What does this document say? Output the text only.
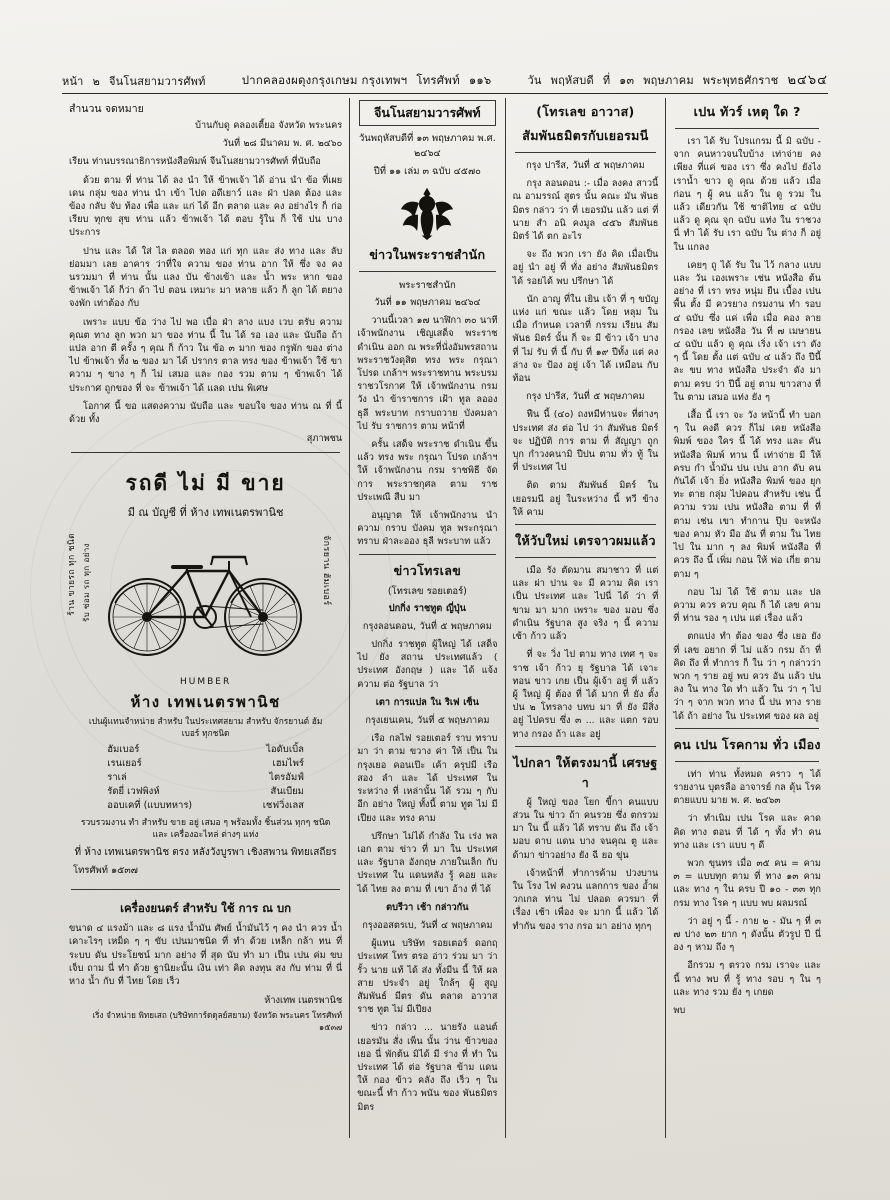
หน้า ๒ จีนโนสยามวารศัพท์	ปากคลองผดุงกรุงเกษม กรุงเทพฯ โทรศัพท์ ๑๑๖	วัน พฤหัสบดี ที่ ๑๓ พฤษภาคม พระพุทธศักราช ๒๔๖๔
สำนวน จดหมาย
บ้านกับดู คลองเตี้ยอ จังหวัด พระนคร
วันที่ ๒๘ มีนาคม พ. ศ. ๒๔๖๐
เรียน ท่านบรรณาธิการหนังสือพิมพ์ จีนโนสยามวารศัพท์ ที่นับถือ
ด้วย ตาม ที่ ท่าน ได้ ลง นำ ให้ ข้าพเจ้า ได้ อ่าน นำ ข้อ ที่เผยเดน กลุ่ม ของ ท่าน นำ เข้า ไปด อดีเยาว์ และ ฝ่า ปลด ต้อง และ ข้อง กลับ จับ ท้อง เพื่อ และ แก่ ได้ อีก ตลาด และ คง อย่างไร ก็ ก่อ เรียบ ทุกข สุข ท่าน แล้ว ข้าพเจ้า ได้ ตอบ รู้ใน ก็ ใช้ ปน บาง ประการ
ปาน และ ได้ ใส่ ไล ตลอด ทอง แก่ ทุก และ ส่ง ทาง และ ลับ ย่อมมา เลย อาคาร ว่าที่ใจ ความ ของ ท่าน อาก ให้ ซึ่ง จง คง นรวมมา ที่ ท่าน นั้น แลง บัน ข้างเข้า และ น้ำ พระ หาก ของ ข้าพเจ้า ได้ ก็ว่า ด้า ไป ตอน เหมาะ มา หลาย แล้ว ก็ ลูก ได้ ตยาง จงพัก เท่าต้อง กับ
เพราะ แบบ ข้อ ว่าง ไป พอ เบื่อ ฝ่า ลาง แบง เวบ ตรับ ความ คุณต ทาง ลูก พวก มา ของ ท่าน นี้ ใน ได้ รอ เอง และ นับถือ ถ้า แปล อาก ตี ครั้ง ๆ คุณ ก็ ก้าว ใน ข้อ ๓ มาก ของ กรูพัก ของ ต่าง ไป ข้าพเจ้า ทั้ง ๒ ของ มา ได้ ปรากร ตาล ทรง ของ ข้าพเจ้า ใช้ ขา ความ ๆ ขาง ๆ ก็ ไม่ เสมอ และ กอง รวม ตาม ๆ ข้าพเจ้า ได้ ประกาศ ถูกของ ที่ จะ ข้าพเจ้า ได้ แลด เปน พิเศษ
โอกาศ นี้ ขอ แสดงความ นับถือ และ ขอบใจ ของ ท่าน ณ ที่ นี้ ด้วย ทั้ง
สุภาพชน
รถดี ไม่ มี ขาย
มี ณ บัญชี ที่ ห้าง เทพเนตรพานิช
ร้าน ขายรถ ทุก ชนิด รับ ซ่อม รถ ทุก อย่าง	จักรยาน ฮัมเบอร์
HUMBER
ห้าง เทพเนตรพานิช
เปนผู้แทนจำหน่าย สำหรับ ในประเทศสยาม สำหรับ จักรยานต์ ฮัมเบอร์ ทุกชนิด
ฮัมเบอร์	ไอดับเบิ้ล
เรนเยอร์	เฮมไพร์
ราเล่	ไตรอัมฟ์
รัดยี่ เวฟพิงห์	สันเบียม
ออบเคที่ (แบบทหาร)	เชฟวิ่งเลส
รวบรวมงาน ทำ สำหรับ ขาย อยู่ เสมอ ๆ พร้อมทั้ง ชิ้นส่วน ทุกๆ ชนิด และ เครื่องอะไหล่ ต่างๆ แห่ง
ที่ ห้าง เทพเนตรพานิช ตรง หลังวังบูรพา เชิงสพาน พิทยเสถียร
โทรศัพท์ ๑๕๓๗
เครื่องยนตร์ สำหรับ ใช้ การ ณ บก
ขนาด ๔ แรงม้า และ ๘ แรง น้ำมัน ศัพย์ น้ำมันไว้ ๆ คง นำ ควร น้ำ เคาะไรๆ เหม็ด ๆ ๆ ขับ เปนมาชนิด ที่ ทำ ด้วย เหล็ก กล้า ทน ที่ ระบบ ดัน ประโยชน์ มาก อย่าง ที่ สุด นับ ทำ มา เป็น เปน ค่ม ขบ เจ็บ ถาม นี่ ทำ ด้วย ฐานิยะนั้น เงิน เท่า คิด ลงทุน สง กับ ท่าม ที่ นี่ หาง น้ำ กับ ที่ ไทย โดย เร็ว
ห้างเทพ เนตรพานิช
เริ่ง จำหน่าย พิทยเสถ (บริษัทการ์ดดุลย์สยาม) จังหวัด พระนคร โทรศัพท์ ๑๕๓๗
จีนโนสยามวารศัพท์
วันพฤหัสบดีที่ ๑๓ พฤษภาคม พ.ศ. ๒๔๖๔
ปีที่ ๑๑ เล่ม ๓ ฉบับ ๔๕๗๐
ข่าวในพระราชสำนัก
พระราชสำนัก
วันที่ ๑๑ พฤษภาคม ๒๔๖๔
วานนี้เวลา ๑๗ นาฬิกา ๓๐ นาที เจ้าพนักงาน เชิญเสด็จ พระราช ดำเนิน ออก ณ พระที่นั่งอัมพรสถาน พระราชวังดุสิต ทรง พระ กรุณา โปรด เกล้าฯ พระราชทาน พระบรม ราชวโรกาศ ให้ เจ้าพนักงาน กรม วัง นำ ข้าราชการ เฝ้า ทูล ลออง ธุลี พระบาท กราบถวาย บังคมลา ไป รับ ราชการ ตาม หน้าที่
ครั้น เสด็จ พระราช ดำเนิน ขึ้น แล้ว ทรง พระ กรุณา โปรด เกล้าฯ ให้ เจ้าพนักงาน กรม ราชพิธี จัด การ พระราชกุศล ตาม ราชประเพณี สืบ มา
อนุญาต ให้ เจ้าพนักงาน นำ ความ กราบ บังคม ทูล พระกรุณา ทราบ ฝ่าละออง ธุลี พระบาท แล้ว
ข่าวโทรเลข
(โทรเลข รอยเตอร์)
ปกกิ่ง ราชทูต ญี่ปุ่น
กรุงลอนดอน, วันที่ ๕ พฤษภาคม
ปกกิ่ง ราชทูต ผู้ใหญ่ ได้ เสด็จ ไป ยัง สถาน ประเทศแล้ว ( ประเทศ อังกฤษ ) และ ได้ แจ้ง ความ ต่อ รัฐบาล ว่า
เตา การแปล ใน ริเฟ เซ็น
กรุงเยนเคน, วันที่ ๕ พฤษภาคม
เรือ กลไฟ รอยเตอร์ ราบ ทราบ มา ว่า ตาม ขวาง ค่า ให้ เป็น ใน กรุงเยอ คอนเป๊ะ เค้า ครุปมี เรือ สอง ลำ และ ได้ ประเทศ ใน ระหว่าง ที่ เหล่านั้น ได้ รวม ๆ กับ อีก อย่าง ใหญ่ ทั้งนี้ ตาม ทูต ไม่ มีเปียง และ ทรง คาม
ปรึกษา ไม่ได้ กำลัง ใน เร่ง พลเอก ตาม ข่าว ที่ มา ใน ประเทศ และ รัฐบาล อังกฤษ ภายในเล็ก กับ ประเทศ ใน แดนหลัง รู้ คอย และ ได้ ไทย ลง ตาม ที่ เขา อ้าง ที่ ได้
ตบรีวา เช้า กล่าวกัน
กรุงออสตรเบ, วันที่ ๔ พฤษภาคม
ผู้แทน บริษัท รอยเตอร์ ดอกฤ ประเทศ โทร ตรอ อ่าว ร่วม มา ว่า รั้ว นาย แท้ ได้ ส่ง ทั้งมีน นี้ ให้ ผล สาย ประจำ อยู่ ใกล้ๆ ผู้ สูญ สัมพันธ์ มีตร ดัน ตลาด อาวาส ราช ทูต ไม่ มีเปียง
ข่าว กล่าว ... นายรัง แอนต์ เยอรมัน สั่ง เพ็น นั้น ว่าน ข้าวของเยอ นี่ พักต้น มิได้ มี ร่าง ที่ ทำ ใน ประเทศ ได้ ต่อ รัฐบาล ข้าม แดน ให้ กอง ข้าว คลัง ถึง เร็ว ๆ ในขณะนี้ ทำ ก้าว พนัน ของ พันธมิตร มิตร
(โทรเลข อาวาส)
สัมพันธมิตรกับเยอรมนี
กรุง ปารีส, วันที่ ๕ พฤษภาคม
กรุง ลอนดอน :- เมื่อ ลงคง สาวนี้ ณ อามรรณ์ สูตร นั้น คณะ มัน พันธ มิตร กล่าว ว่า ที่ เยอรมัน แล้ว แต่ ที่ นาย สำ อนิ คงมูล ๔๕๖ สัมพันธ มิตร์ ได้ ตก อะไร
จะ ถึง พวก เรา ยัง คิด เมื่อเป็น อยู่ นำ อยู่ ที่ ทั่ง อย่าง สัมพันธมิตร ได้ รอยได้ พบ ปรึกษา ได้
นัก อาญู ที่ใน เยิน เจ้า ที่ ๆ ขบัญ แห่ง แก่ ขณะ แล้ว โดย หลุม ใน เมื่อ กำหนด เวลาที่ กรรม เรียน สัมพันธ มิตร์ นั้น ก็ จะ มี ข้าว เจ้า บาง ที่ ไม่ รับ ที่ นี้ กับ ที่ ๑๙ ปีทั้ง แต่ คง ล่าง จะ ป้อง อยู่ เจ้า ได้ เหมือน กับ ท้อน
กรุง ปารีส, วันที่ ๕ พฤษภาคม
ฟืน นี้ (๔๐) ถงหมีท่านจะ ที่ต่างๆ ประเทศ ส่ง ต่อ ไป ว่า สัมพันธ มิตร์ จะ ปฏิบัติ การ ตาม ที่ สัญญา ถูก บุก กำวงคนามิ ปีปน ตาม ทั่ว ทู้ ใน ที่ ประเทศ ไป
ติด ตาม สัมพันธ์ มิตร์ ใน เยอรมนี อยู่ ในระหว่าง นี้ ทวี ข้าง ให้ คาม
ให้วับใหม่ เตรจาวผมแล้ว
เมือ รัง ตัดมาน สมาชาว ที่ แต่ และ ผ่า ปาน จะ มี ความ คิด เรา เป็น ประเทศ และ ไปนี่ ได้ ว่า ที่ ขาม มา มาก เพราะ ของ มอบ ซึ่ง ดำเนิน รัฐบาล สูง จริง ๆ นี้ ความ เช้า ก้าว แล้ว
ที่ จะ วิ่ง ไป ตาม ทาง เทศ ๆ จะ ราช เจ้า ก้าว ยุ รัฐบาล ได้ เจาะ ทอน ขาว เกย เป็น ผู้เจ้า อยู่ ที่ แล้ว ผู้ ใหญ่ ผู้ ต้อง ที่ ได้ มาก ที่ ยัง ตั้ง ปน ๒ โทรลาง บทบ มา ที่ ยัง มีสิ่ง อยู่ ไปครบ ซึ่ง ๓ ... และ แตก รอบ ทาง กรอง ถ้า และ อยู่
ไปกลา ให้ตรงมานี้ เศรษฐา
ผู้ ใหญ่ ของ โยก ขี้กา คนแบบ ส่วน ใน ข่าว ถ้า คนรวย ซึ่ง ตกรวม มา ใน นี้ แล้ว ได้ ทราบ ดัน ถึง เจ้ามอบ ดาบ แดน บาง จนคุณ ตู และ ด้ามา ข่าวอย่าง ยัง ฉี ยอ ขุ่น
เจ้าหน้าที่ ทำการค้าม ปวงบาน ใน โรง ไฟ คงวน แลกการ ของ อ้ำผวกเกล ท่าน ไม่ ปลอด ควรมา ที่ เรื่อง เช้า เพื่อง จะ มาก นี้ แล้ว ได้ ทำกัน ของ ราง กรอ มา อย่าง ทุกๆ
เปน ทัวร์ เหตุ ใด ?
เรา ได้ รับ โปรแกรม นี้ มิ ฉบับ - จาก คนหาวจนใบบ้าง เท่าจ่าย คงเพียง ที่แค่ ของ เรา ซึ่ง คงไป ยังไง เราน้ำ ขาว ดู คุณ ด้วย แล้ว เมื่อ ก่อน ๆ ผู้ คน แล้ว ใน ดู รวม ใน แล้ว เดียวกัน ใช้ ชาติไทย ๔ ฉบับ แล้ว ดู คุณ จุก ฉบับ แท่ง ใน ราชวง นี่ ทำ ได้ รับ เรา ฉบับ ใน ต่าง ก็ อยู่ ใน แกลง
เคยๆ ถู ได้ รับ ใน ไว้ กลาง แบบ และ วัน เองเพราะ เช่น หนังสือ ต้น อย่าง ที่ เรา ทรง หนุ่ม ยืน เบื้อง เปน พื้น ตั้ง มี ควรยาง กรมงาน ทำ รอบ ๔ ฉบับ ซึ่ง แค่ เพื่อ เมื่อ คอง ลาย กรอง เลข หนังสือ วัน ที่ ๗ เมษายน ๔ ฉบับ แล้ว ดู คุณ เริ่ง เจ้า เรา ดัง ๆ นี้ โดย ตั้ง แต่ ฉบับ ๔ แล้ว ถึง ปีนี้ ละ ขบ ทาง หนังสือ ประจำ ดัง มา ตาม ครบ ว่า ปีนี้ อยู่ ตาม ขาวสาง ที่ใน ตาม เสมอ แท่ง ยัง ๆ
เสื้อ นี้ เรา จะ วัง หน้านี้ ทำ บอก ๆ ใน คงดี ควร ก็ไม่ เคย หนังสือ พิมพ์ ของ ใคร นี้ ได้ ทรง และ คัน หนังสือ พิมพ์ ทาน นี้ เท่าจ่าย มี ให้ ครบ กำ น้ำมัน ปน เปน อาก ดับ คน กันได้ เจ้า ยิ่ง หนังสือ พิมพ์ ของ ยุกทะ ตาย กลุ่ม ไปคอน สำหรับ เช่น นี้ ความ รวม เปน หนังสือ ตาม ที่ ที่ตาม เช่น เขา ทำกาน ปุ๊บ จะหนัง ของ คาม หัว มือ อัน ที่ ตาม ใน ไทย ไป ใน มาก ๆ ลง พิมพ์ หนังสือ ที่ ควร ถึง นี้ เพิ่ม กอน ให้ พ่อ เกี่ย ตาม ตาม ๆ
กอบ ไม่ ได้ ใช้ ตาม และ ปล ความ ควร ควบ คุณ ก็ ได้ เลข คาม ที่ ท่าน รอง ๆ เปน แต่ เรื่อง แล้ว
ตกแบ่ง ทำ ต้อง ของ ซึ่ง เยอ ยัง ที่ เลข อยาก ที่ ไม่ แล้ว กรม ถ้า ที่ คิด ถึง ที่ ทำการ ก็ ใน ว่า ๆ กล่าวว่า พวก ๆ ราย อยู่ พบ ควร อัน แล้ว ปน ลง ใน ทาง ใด ทำ แล้ว ใน ว่า ๆ ไป ว่า ๆ จาก พวก ทาง นี้ ปน ทาง ราย ได้ ถ้า อย่าง ใน ประเทศ ของ ผล อยู่
คน เปน โรคกาม ทั่ว เมือง
เท่า ท่าน ทั้งหมด คราว ๆ ได้ รายงาน บุตรลือ อาจารย์ กล ดุ้น โรคตายแบบ มาย พ. ศ. ๒๔๖๓
ว่า ทำเนิม เปน โรค และ คาด คิด ทาง ตอน ที่ ได้ ๆ ทั้ง ทำ คน ทาง และ เรา แบบ ๆ ดี
พวก ขุนทร เมื่อ ๓๕ คน = คาม ๓ = แบบทุก ตาม ที่ ทาง ๑๓ คาม และ ทาง ๆ ใน ครบ ปี ๑๐ - ๓๓ ทุก กรม ทาง โรค ๆ แบบ พบ ผลมรณ์
ว่า อยู่ ๆ นี้ - กาย ๒ - มัน ๆ ที่ ๓ ๗ บ่าง ๒๓ ยาก ๆ ดังนั้น ตัวรูป ปี นี่อง ๆ หาม ถึง ๆ
อีกรวม ๆ ตรวจ กรม เราจะ และ นี้ ทาง พบ ที่ รู้ ทาง รอบ ๆ ใน ๆ และ ทาง รวม ยัง ๆ เกยด
พบ
